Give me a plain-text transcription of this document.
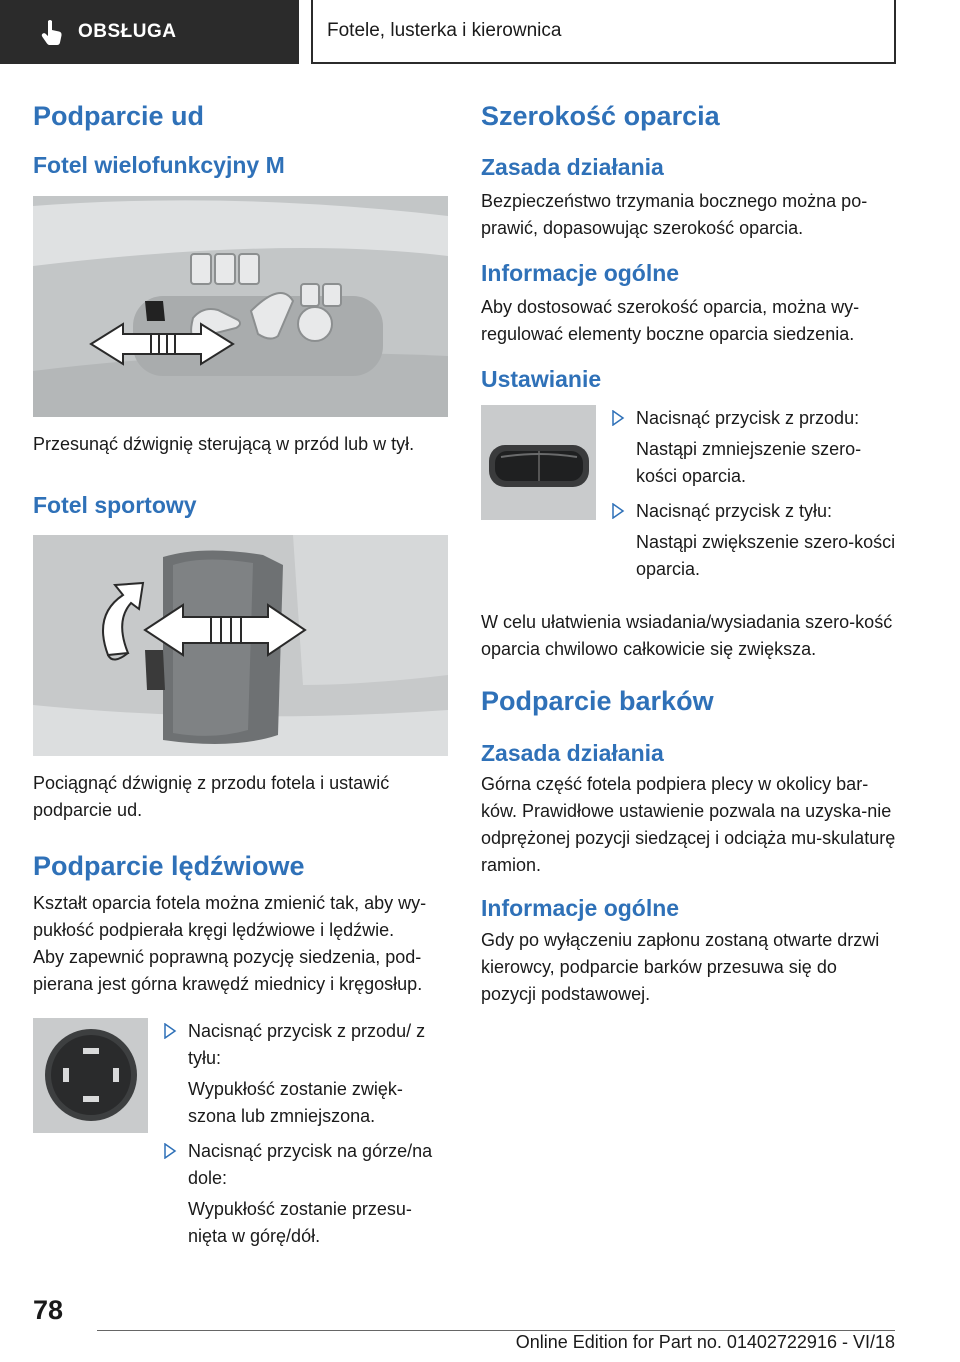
OBSŁUGA	Fotele, lusterka i kierownica
Podparcie ud
Fotel wielofunkcyjny M

Przesunąć dźwignię sterującą w przód lub w tył.

Fotel sportowy

Pociągnąć dźwignię z przodu fotela i ustawić podparcie ud.

Podparcie lędźwiowe

Kształt oparcia fotela można zmienić tak, aby wy-pukłość podpierała kręgi lędźwiowe i lędźwie.

Aby zapewnić poprawną pozycję siedzenia, pod-pierana jest górna krawędź miednicy i kręgosłup.

Nacisnąć przycisk z przodu/ z tyłu:

Wypukłość zostanie zwięk-szona lub zmniejszona.

Nacisnąć przycisk na górze/na dole:

Wypukłość zostanie przesu-nięta w górę/dół.

Szerokość oparcia
Zasada działania

Bezpieczeństwo trzymania bocznego można po-prawić, dopasowując szerokość oparcia.

Informacje ogólne

Aby dostosować szerokość oparcia, można wy-regulować elementy boczne oparcia siedzenia.

Ustawianie

Nacisnąć przycisk z przodu:

Nastąpi zmniejszenie szero-kości oparcia.

Nacisnąć przycisk z tyłu:

Nastąpi zwiększenie szero-kości oparcia.

W celu ułatwienia wsiadania/wysiadania szero-kość oparcia chwilowo całkowicie się zwiększa.

Podparcie barków
Zasada działania

Górna część fotela podpiera plecy w okolicy bar-ków. Prawidłowe ustawienie pozwala na uzyska-nie odprężonej pozycji siedzącej i odciąża mu-skulaturę ramion.

Informacje ogólne

Gdy po wyłączeniu zapłonu zostaną otwarte drzwi kierowcy, podparcie barków przesuwa się do pozycji podstawowej.

78
Online Edition for Part no. 01402722916 - VI/18
